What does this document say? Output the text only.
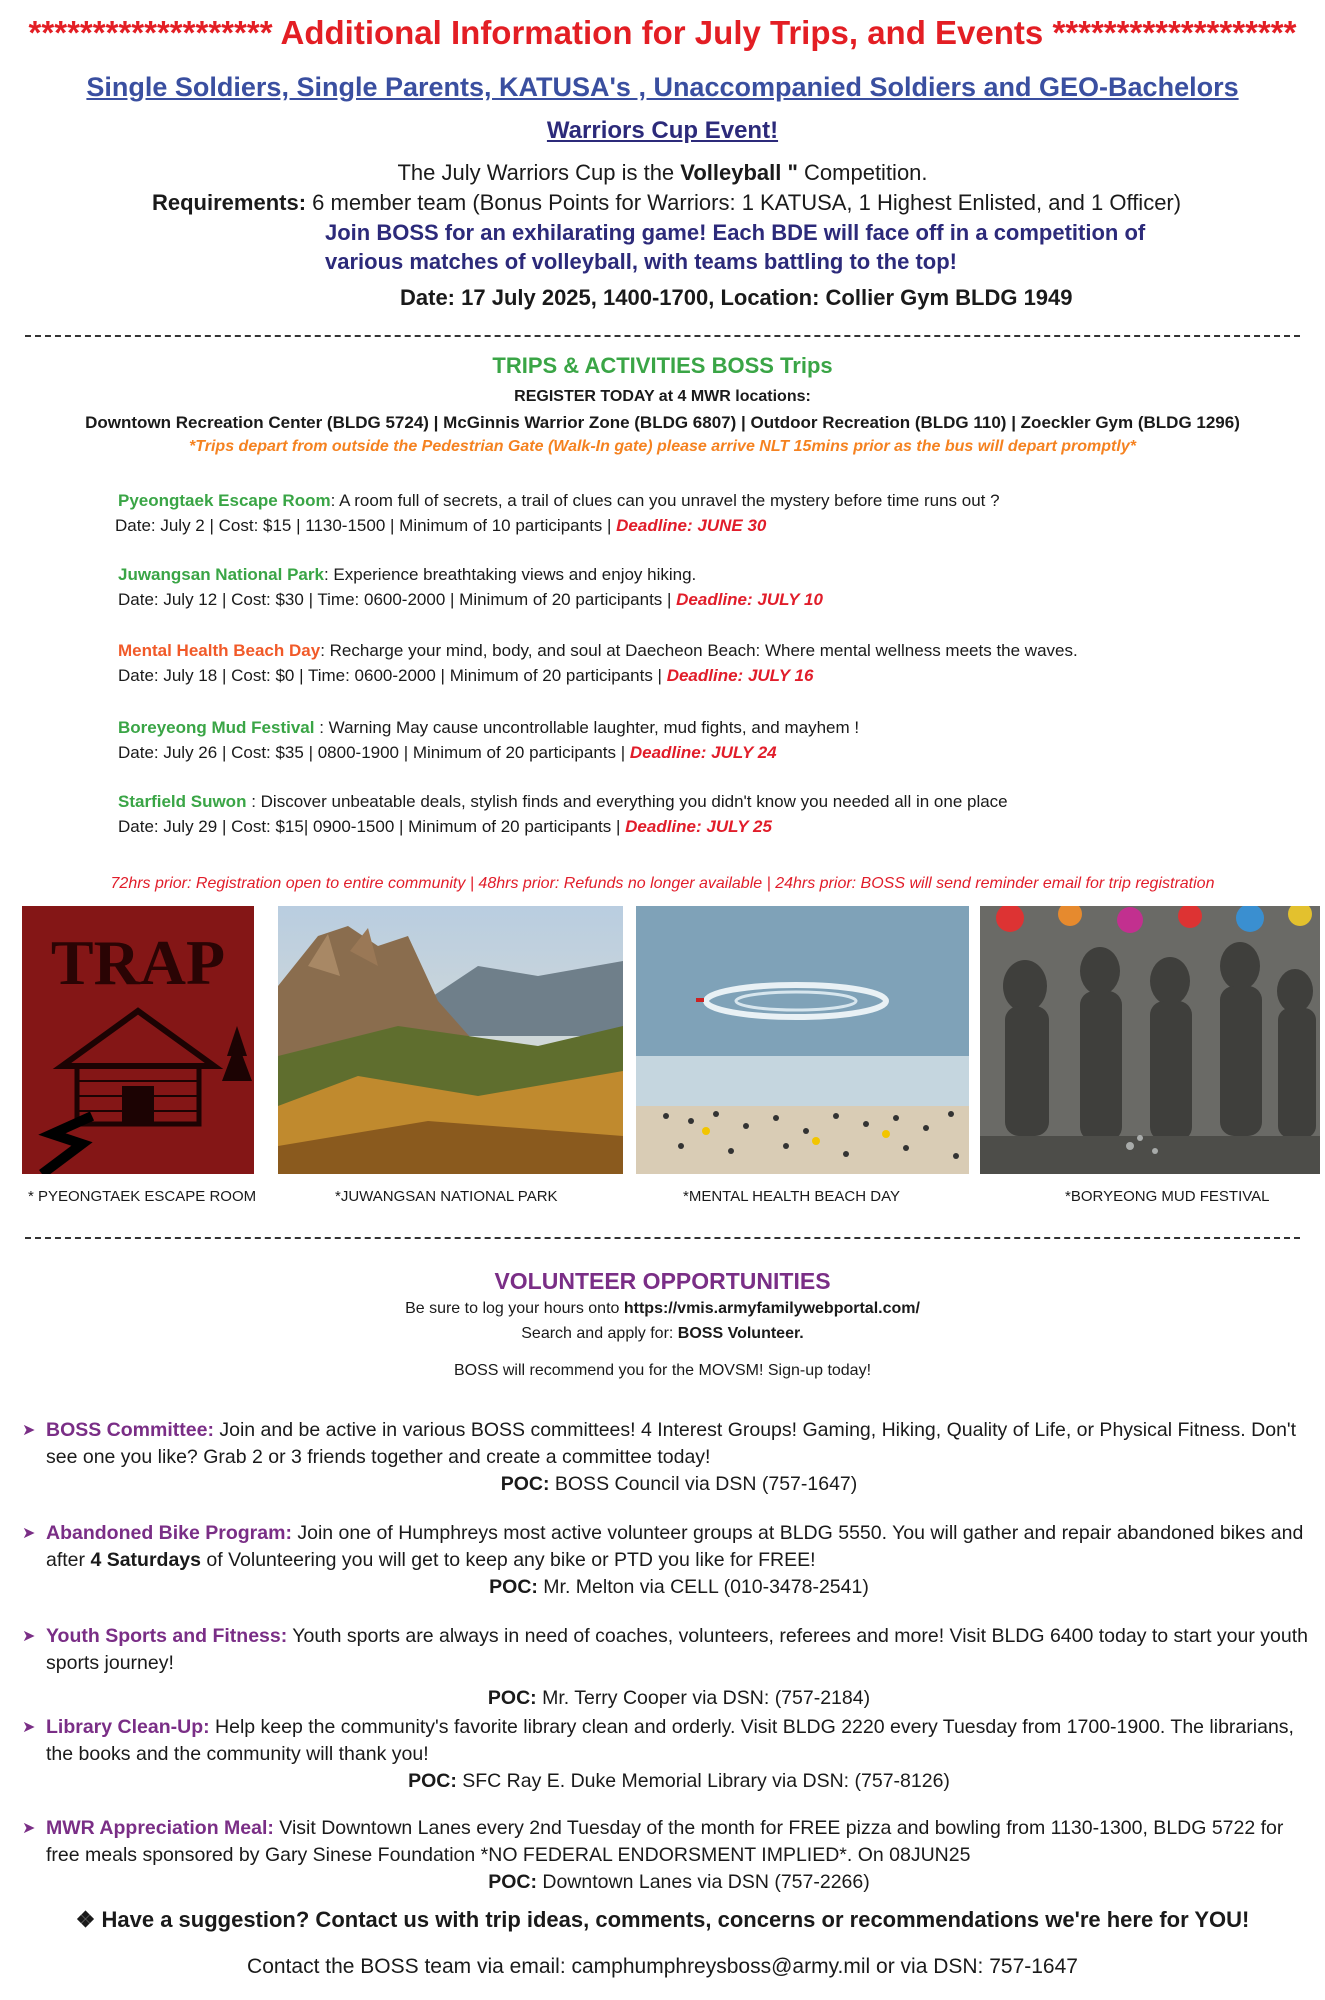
******************* Additional Information for July Trips, and Events *******************
Single Soldiers, Single Parents, KATUSA's , Unaccompanied Soldiers and GEO-Bachelors
Warriors Cup Event!
The July Warriors Cup is the Volleyball " Competition.
Requirements: 6 member team (Bonus Points for Warriors: 1 KATUSA, 1 Highest Enlisted, and 1 Officer)
Join BOSS for an exhilarating game! Each BDE will face off in a competition of various matches of volleyball, with teams battling to the top!
Date: 17 July 2025, 1400-1700, Location: Collier Gym BLDG 1949
TRIPS & ACTIVITIES BOSS Trips
REGISTER TODAY at 4 MWR locations:
Downtown Recreation Center (BLDG 5724) | McGinnis Warrior Zone (BLDG 6807) | Outdoor Recreation (BLDG 110) | Zoeckler Gym (BLDG 1296)
*Trips depart from outside the Pedestrian Gate (Walk-In gate) please arrive NLT 15mins prior as the bus will depart promptly*
Pyeongtaek Escape Room: A room full of secrets, a trail of clues can you unravel the mystery before time runs out ?
Date: July 2 | Cost: $15 | 1130-1500 | Minimum of 10 participants | Deadline: JUNE 30
Juwangsan National Park: Experience breathtaking views and enjoy hiking.
Date: July 12 | Cost: $30 | Time: 0600-2000 | Minimum of 20 participants | Deadline: JULY 10
Mental Health Beach Day: Recharge your mind, body, and soul at Daecheon Beach: Where mental wellness meets the waves.
Date: July 18 | Cost: $0 | Time: 0600-2000 | Minimum of 20 participants | Deadline: JULY 16
Boreyeong Mud Festival : Warning May cause uncontrollable laughter, mud fights, and mayhem !
Date: July 26 | Cost: $35 | 0800-1900 | Minimum of 20 participants | Deadline: JULY 24
Starfield Suwon : Discover unbeatable deals, stylish finds and everything you didn't know you needed all in one place
Date: July 29 | Cost: $15| 0900-1500 | Minimum of 20 participants | Deadline: JULY 25
72hrs prior: Registration open to entire community | 48hrs prior: Refunds no longer available | 24hrs prior: BOSS will send reminder email for trip registration
TRAP
* PYEONGTAEK ESCAPE ROOM	*JUWANGSAN NATIONAL PARK	*MENTAL HEALTH BEACH DAY	*BORYEONG MUD FESTIVAL
VOLUNTEER OPPORTUNITIES
Be sure to log your hours onto https://vmis.armyfamilywebportal.com/
Search and apply for: BOSS Volunteer.
BOSS will recommend you for the MOVSM! Sign-up today!
➤ BOSS Committee: Join and be active in various BOSS committees! 4 Interest Groups! Gaming, Hiking, Quality of Life, or Physical Fitness. Don't see one you like? Grab 2 or 3 friends together and create a committee today!
POC: BOSS Council via DSN (757-1647)
➤ Abandoned Bike Program: Join one of Humphreys most active volunteer groups at BLDG 5550. You will gather and repair abandoned bikes and after 4 Saturdays of Volunteering you will get to keep any bike or PTD you like for FREE!
POC: Mr. Melton via CELL (010-3478-2541)
➤ Youth Sports and Fitness: Youth sports are always in need of coaches, volunteers, referees and more! Visit BLDG 6400 today to start your youth sports journey!
POC: Mr. Terry Cooper via DSN: (757-2184)
➤ Library Clean-Up: Help keep the community's favorite library clean and orderly. Visit BLDG 2220 every Tuesday from 1700-1900. The librarians, the books and the community will thank you!
POC: SFC Ray E. Duke Memorial Library via DSN: (757-8126)
➤ MWR Appreciation Meal: Visit Downtown Lanes every 2nd Tuesday of the month for FREE pizza and bowling from 1130-1300, BLDG 5722 for free meals sponsored by Gary Sinese Foundation *NO FEDERAL ENDORSMENT IMPLIED*. On 08JUN25
POC: Downtown Lanes via DSN (757-2266)
❖ Have a suggestion? Contact us with trip ideas, comments, concerns or recommendations we're here for YOU!
Contact the BOSS team via email: camphumphreysboss@army.mil or via DSN: 757-1647
